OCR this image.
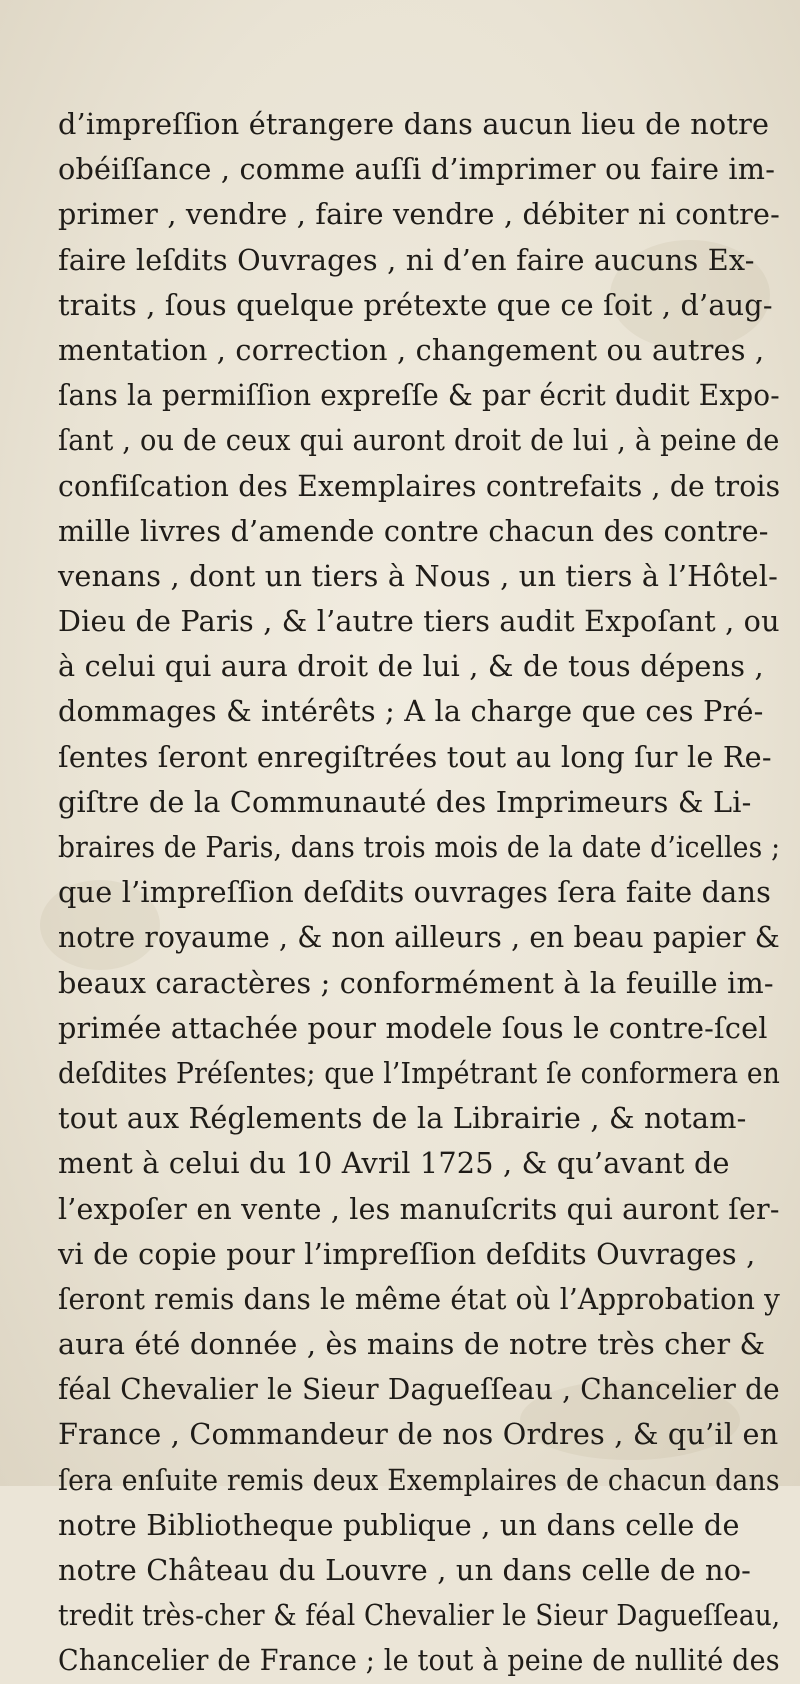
d’impreſſion étrangere dans aucun lieu de notre
obéiſſance , comme auſſi d’imprimer ou faire im-
primer , vendre , faire vendre , débiter ni contre-
faire leſdits Ouvrages , ni d’en faire aucuns Ex-
traits , ſous quelque prétexte que ce ſoit , d’aug-
mentation , correction , changement ou autres ,
ſans la permiſſion expreſſe & par écrit dudit Expo-
ſant , ou de ceux qui auront droit de lui , à peine de
confiſcation des Exemplaires contrefaits , de trois
mille livres d’amende contre chacun des contre-
venans , dont un tiers à Nous , un tiers à l’Hôtel-
Dieu de Paris , & l’autre tiers audit Expoſant , ou
à celui qui aura droit de lui , & de tous dépens ,
dommages & intérêts ; A la charge que ces Pré-
ſentes ſeront enregiſtrées tout au long ſur le Re-
giſtre de la Communauté des Imprimeurs & Li-
braires de Paris, dans trois mois de la date d’icelles ;
que l’impreſſion deſdits ouvrages ſera faite dans
notre royaume , & non ailleurs , en beau papier &
beaux caractères ; conformément à la feuille im-
primée attachée pour modele ſous le contre-ſcel
deſdites Préſentes; que l’Impétrant ſe conformera en
tout aux Réglements de la Librairie , & notam-
ment à celui du 10 Avril 1725 , & qu’avant de
l’expoſer en vente , les manuſcrits qui auront ſer-
vi de copie pour l’impreſſion deſdits Ouvrages ,
ſeront remis dans le même état où l’Approbation y
aura été donnée , ès mains de notre très cher &
féal Chevalier le Sieur Dagueſſeau , Chancelier de
France , Commandeur de nos Ordres , & qu’il en
ſera enſuite remis deux Exemplaires de chacun dans
notre Bibliotheque publique , un dans celle de
notre Château du Louvre , un dans celle de no-
tredit très-cher & féal Chevalier le Sieur Dagueſſeau,
Chancelier de France ; le tout à peine de nullité des
